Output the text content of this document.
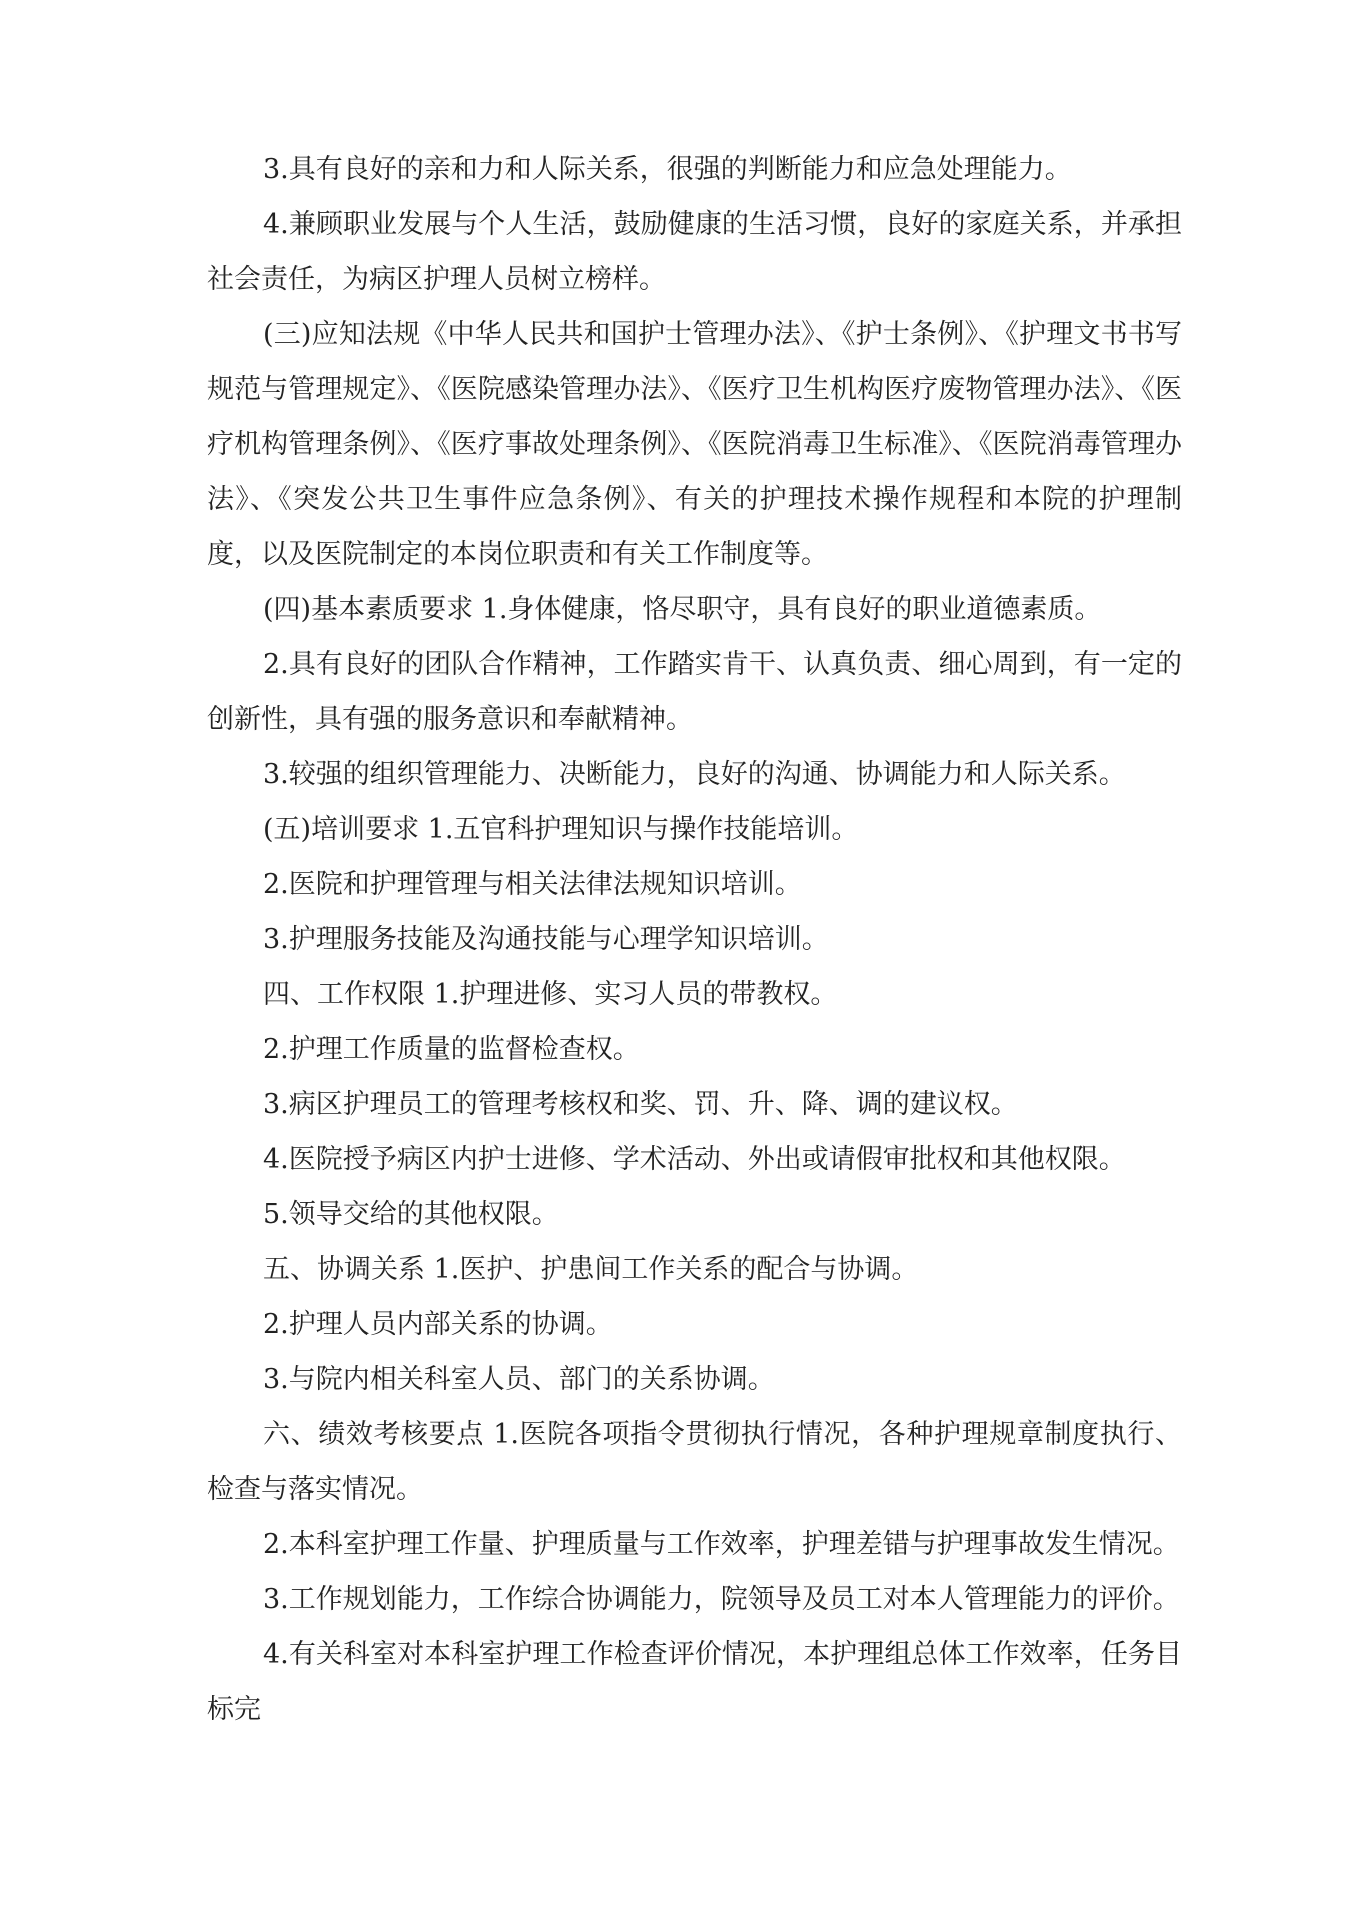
3.具有良好的亲和力和人际关系，很强的判断能力和应急处理能力。

4.兼顾职业发展与个人生活，鼓励健康的生活习惯，良好的家庭关系，并承担社会责任，为病区护理人员树立榜样。

(三)应知法规《中华人民共和国护士管理办法》、《护士条例》、《护理文书书写规范与管理规定》、《医院感染管理办法》、《医疗卫生机构医疗废物管理办法》、《医疗机构管理条例》、《医疗事故处理条例》、《医院消毒卫生标准》、《医院消毒管理办法》、《突发公共卫生事件应急条例》、有关的护理技术操作规程和本院的护理制度，以及医院制定的本岗位职责和有关工作制度等。

(四)基本素质要求 1.身体健康，恪尽职守，具有良好的职业道德素质。

2.具有良好的团队合作精神，工作踏实肯干、认真负责、细心周到，有一定的创新性，具有强的服务意识和奉献精神。

3.较强的组织管理能力、决断能力，良好的沟通、协调能力和人际关系。

(五)培训要求 1.五官科护理知识与操作技能培训。

2.医院和护理管理与相关法律法规知识培训。

3.护理服务技能及沟通技能与心理学知识培训。

四、工作权限 1.护理进修、实习人员的带教权。

2.护理工作质量的监督检查权。

3.病区护理员工的管理考核权和奖、罚、升、降、调的建议权。

4.医院授予病区内护士进修、学术活动、外出或请假审批权和其他权限。

5.领导交给的其他权限。

五、协调关系 1.医护、护患间工作关系的配合与协调。

2.护理人员内部关系的协调。

3.与院内相关科室人员、部门的关系协调。

六、绩效考核要点 1.医院各项指令贯彻执行情况，各种护理规章制度执行、检查与落实情况。

2.本科室护理工作量、护理质量与工作效率，护理差错与护理事故发生情况。

3.工作规划能力，工作综合协调能力，院领导及员工对本人管理能力的评价。

4.有关科室对本科室护理工作检查评价情况，本护理组总体工作效率，任务目标完
